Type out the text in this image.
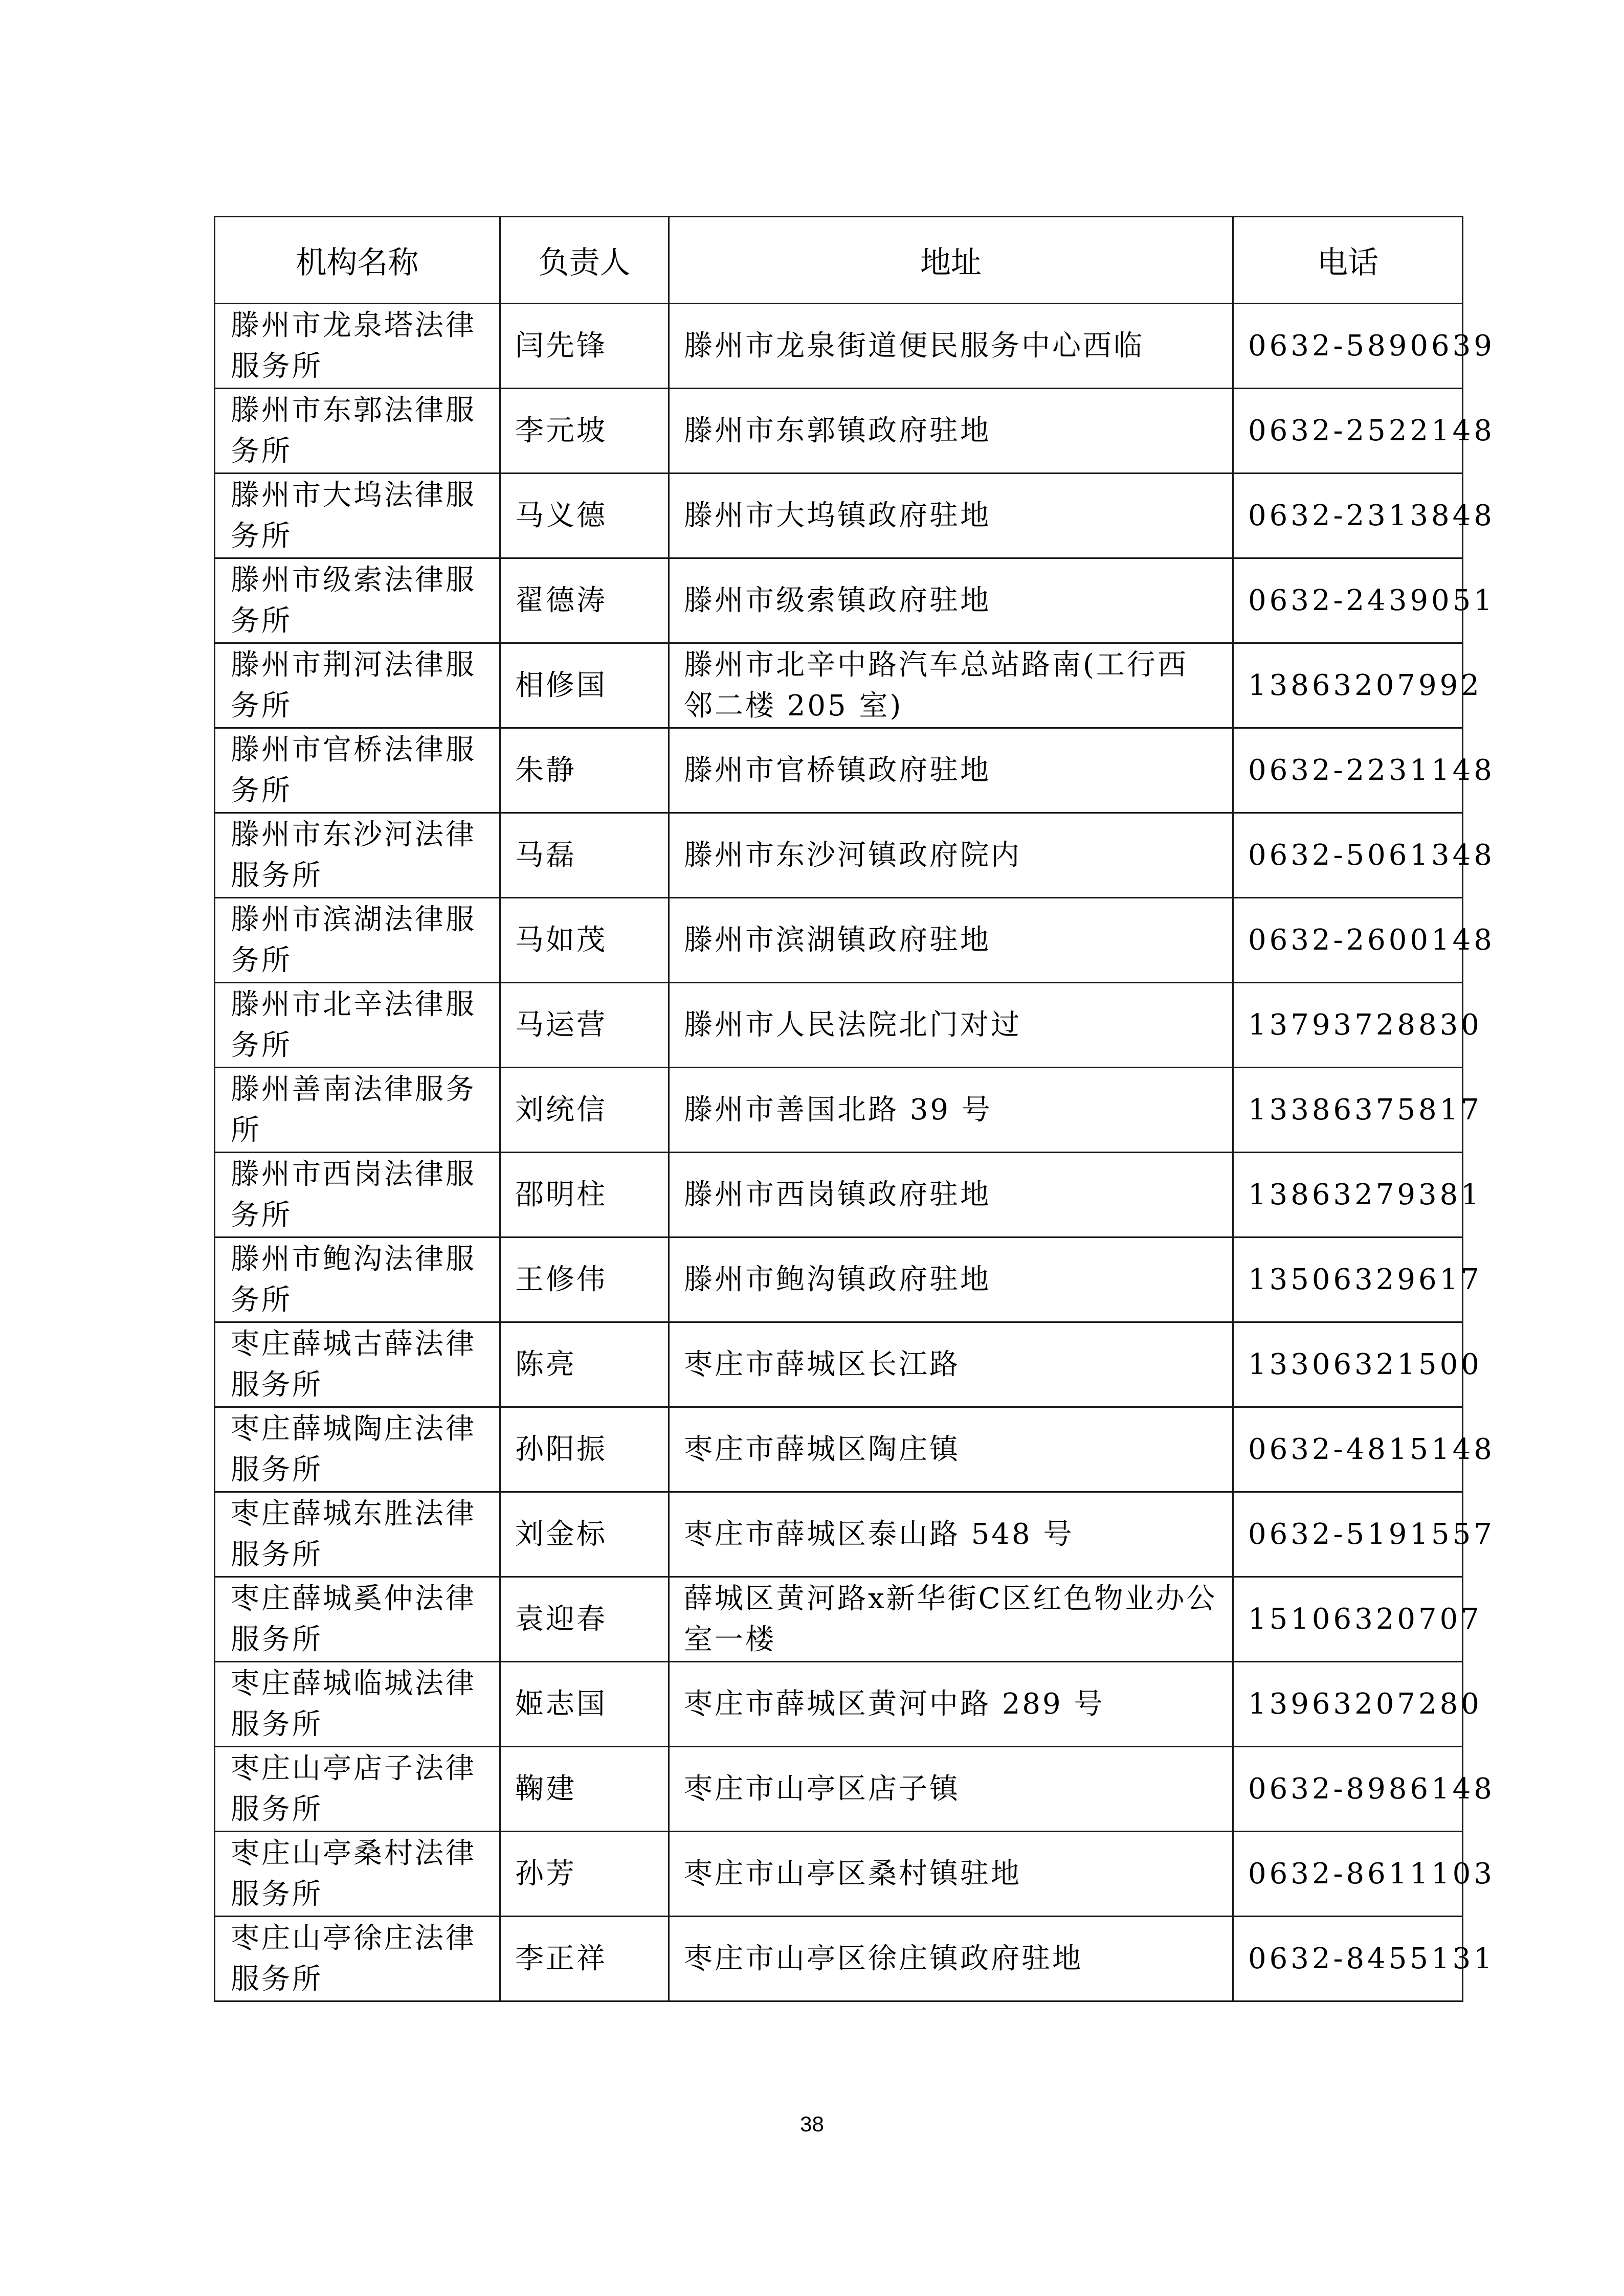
机构名称	负责人	地址	电话
滕州市龙泉塔法律服务所	闫先锋	滕州市龙泉街道便民服务中心西临	0632-5890639
滕州市东郭法律服务所	李元坡	滕州市东郭镇政府驻地	0632-2522148
滕州市大坞法律服务所	马义德	滕州市大坞镇政府驻地	0632-2313848
滕州市级索法律服务所	翟德涛	滕州市级索镇政府驻地	0632-2439051
滕州市荆河法律服务所	相修国	滕州市北辛中路汽车总站路南(工行西邻二楼 205 室)	13863207992
滕州市官桥法律服务所	朱静	滕州市官桥镇政府驻地	0632-2231148
滕州市东沙河法律服务所	马磊	滕州市东沙河镇政府院内	0632-5061348
滕州市滨湖法律服务所	马如茂	滕州市滨湖镇政府驻地	0632-2600148
滕州市北辛法律服务所	马运营	滕州市人民法院北门对过	13793728830
滕州善南法律服务所	刘统信	滕州市善国北路 39 号	13386375817
滕州市西岗法律服务所	邵明柱	滕州市西岗镇政府驻地	13863279381
滕州市鲍沟法律服务所	王修伟	滕州市鲍沟镇政府驻地	13506329617
枣庄薛城古薛法律服务所	陈亮	枣庄市薛城区长江路	13306321500
枣庄薛城陶庄法律服务所	孙阳振	枣庄市薛城区陶庄镇	0632-4815148
枣庄薛城东胜法律服务所	刘金标	枣庄市薛城区泰山路 548 号	0632-5191557
枣庄薛城奚仲法律服务所	袁迎春	薛城区黄河路x新华街C区红色物业办公室一楼	15106320707
枣庄薛城临城法律服务所	姬志国	枣庄市薛城区黄河中路 289 号	13963207280
枣庄山亭店子法律服务所	鞠建	枣庄市山亭区店子镇	0632-8986148
枣庄山亭桑村法律服务所	孙芳	枣庄市山亭区桑村镇驻地	0632-8611103
枣庄山亭徐庄法律服务所	李正祥	枣庄市山亭区徐庄镇政府驻地	0632-8455131
38
